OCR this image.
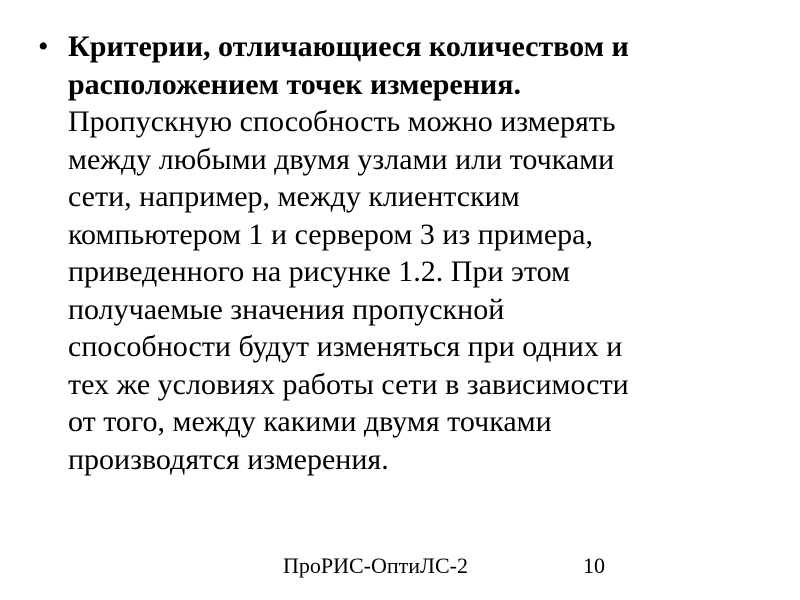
• Критерии, отличающиеся количеством и
расположением точек измерения.
Пропускную способность можно измерять
между любыми двумя узлами или точками
сети, например, между клиентским
компьютером 1 и сервером 3 из примера,
приведенного на рисунке 1.2. При этом
получаемые значения пропускной
способности будут изменяться при одних и
тех же условиях работы сети в зависимости
от того, между какими двумя точками
производятся измерения.
ПроРИС-ОптиЛС-2	10
